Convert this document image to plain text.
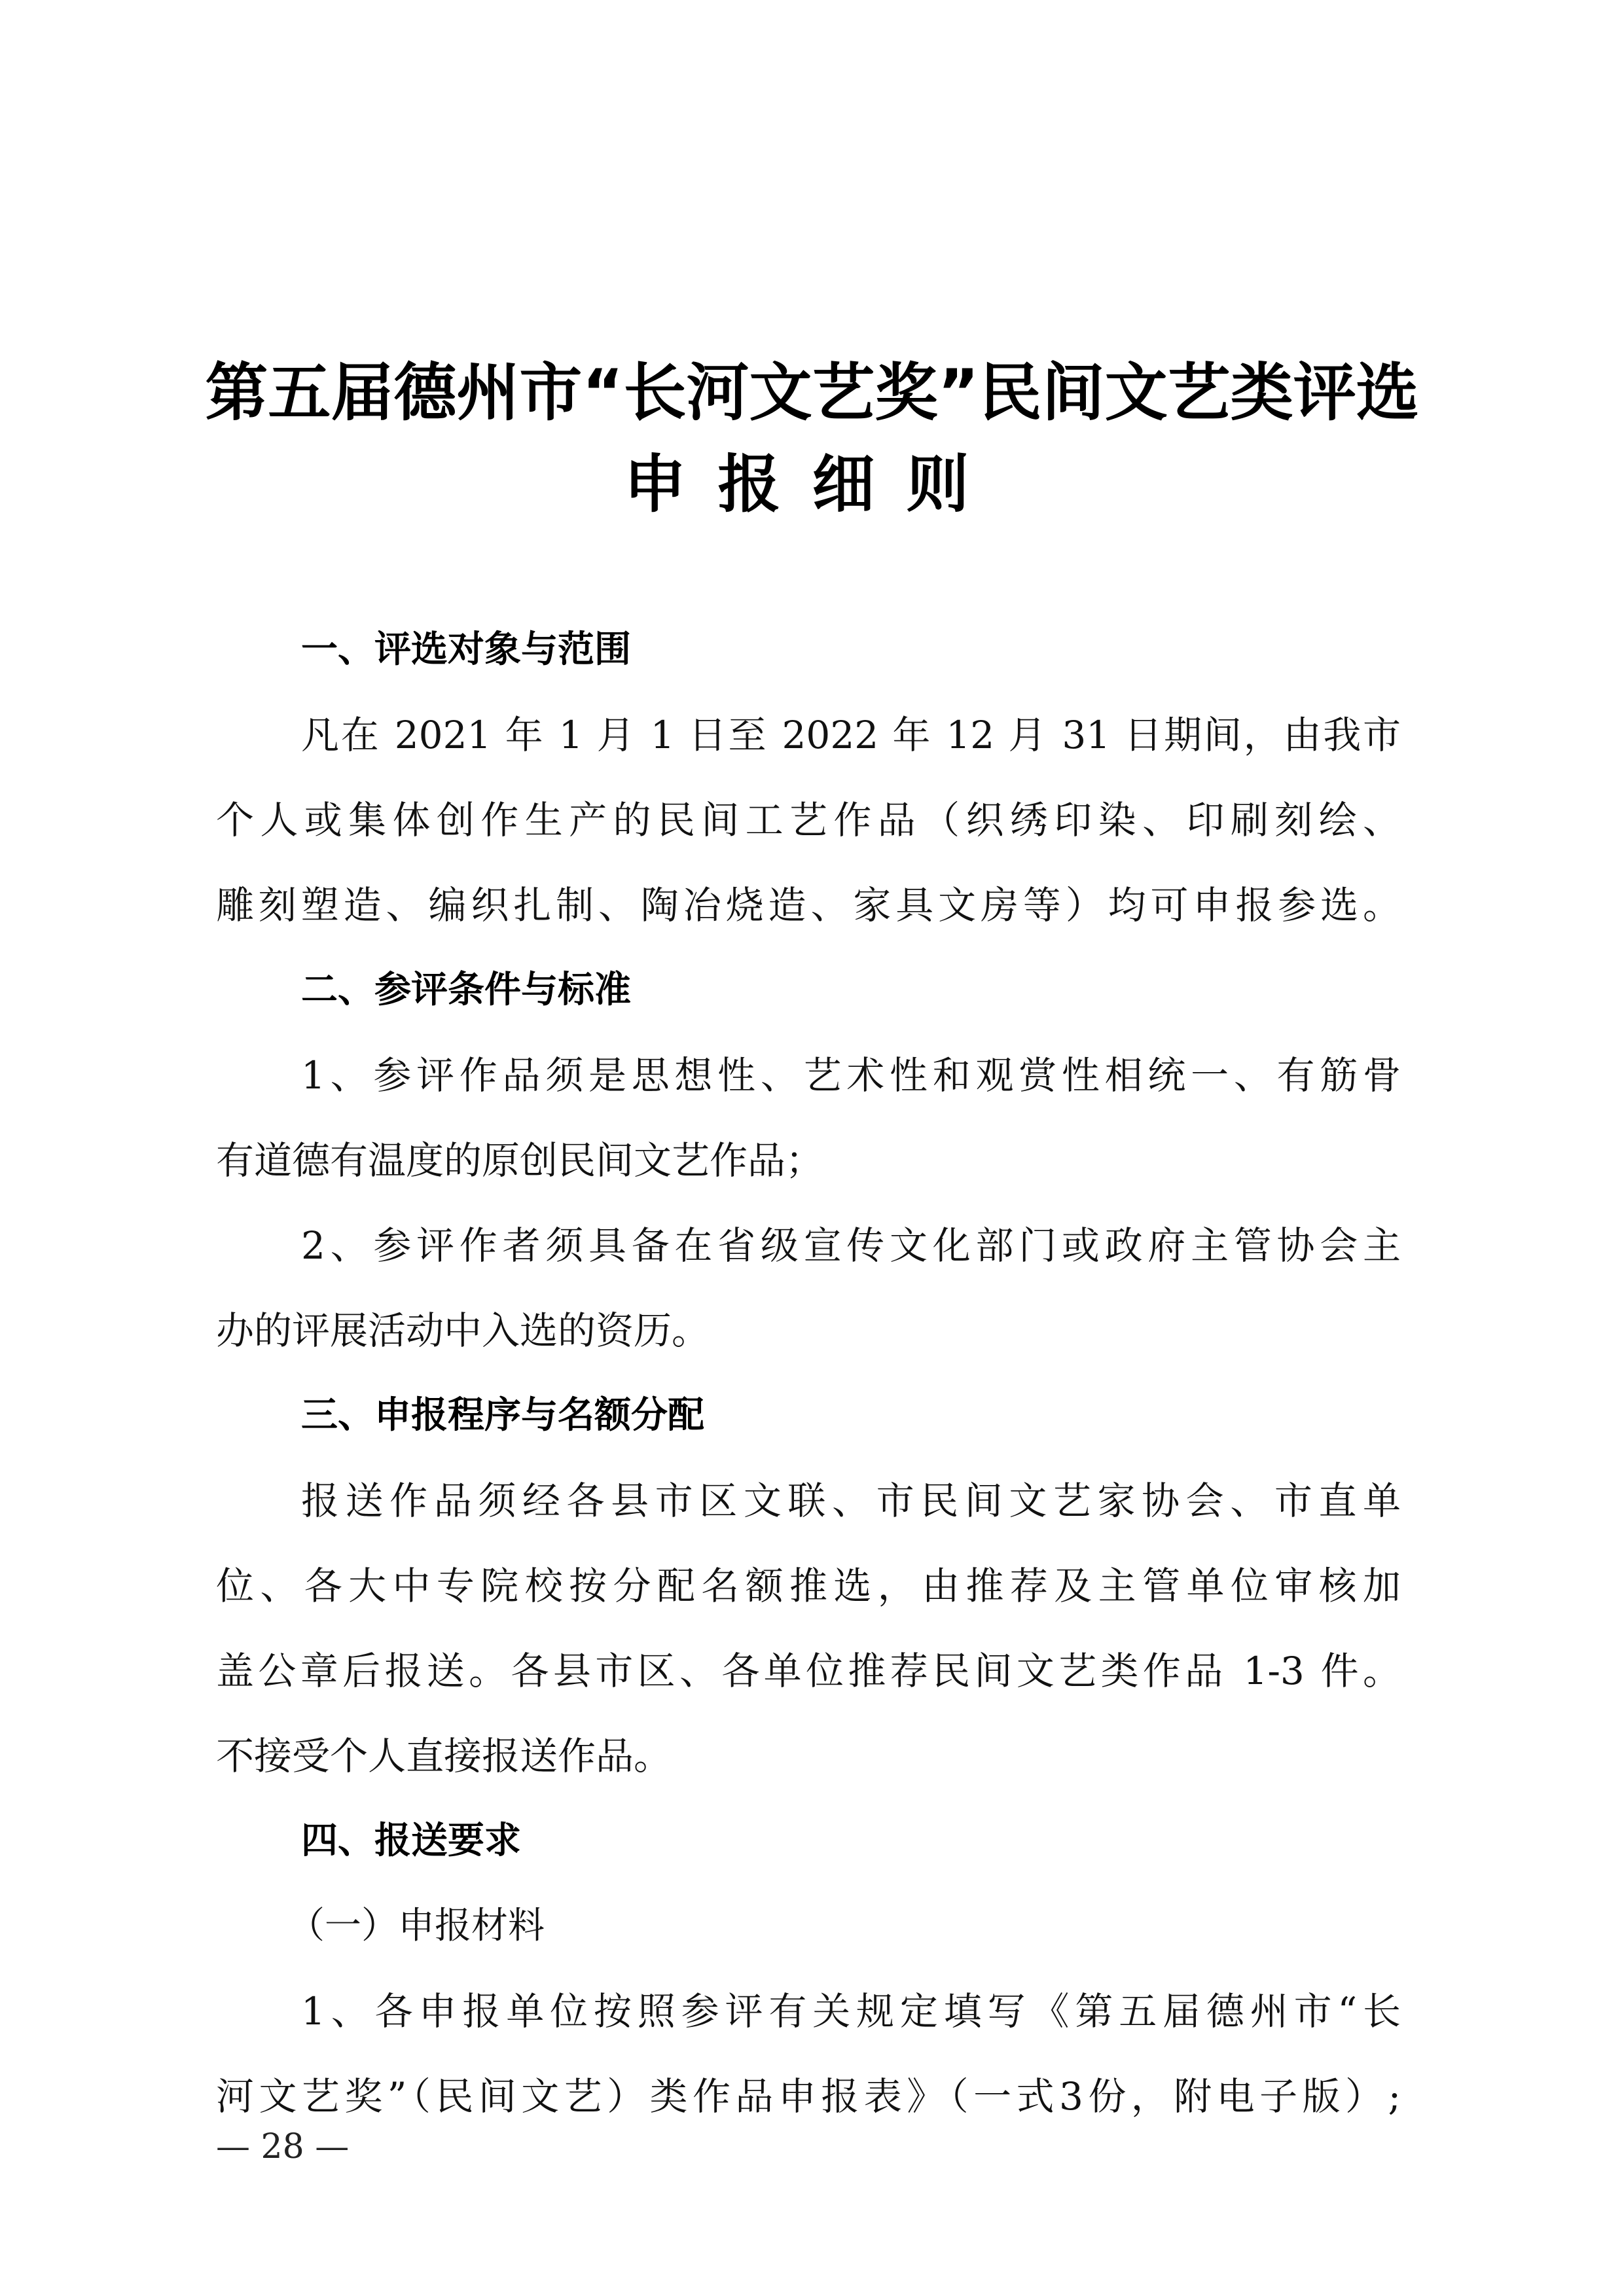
第五届德州市“长河文艺奖”民间文艺类评选
申报细则
一、评选对象与范围
凡在 2021 年 1 月 1 日至 2022 年 12 月 31 日期间，由我市
个人或集体创作生产的民间工艺作品（织绣印染、印刷刻绘、
雕刻塑造、编织扎制、陶冶烧造、家具文房等）均可申报参选。
二、参评条件与标准
1、参评作品须是思想性、艺术性和观赏性相统一、有筋骨
有道德有温度的原创民间文艺作品；
2、参评作者须具备在省级宣传文化部门或政府主管协会主
办的评展活动中入选的资历。
三、申报程序与名额分配
报送作品须经各县市区文联、市民间文艺家协会、市直单
位、各大中专院校按分配名额推选，由推荐及主管单位审核加
盖公章后报送。各县市区、各单位推荐民间文艺类作品 1-3 件。
不接受个人直接报送作品。
四、报送要求
（一）申报材料
1、各申报单位按照参评有关规定填写《第五届德州市“长
河文艺奖”（民间文艺）类作品申报表》（一式3份，附电子版）;
— 28 —
